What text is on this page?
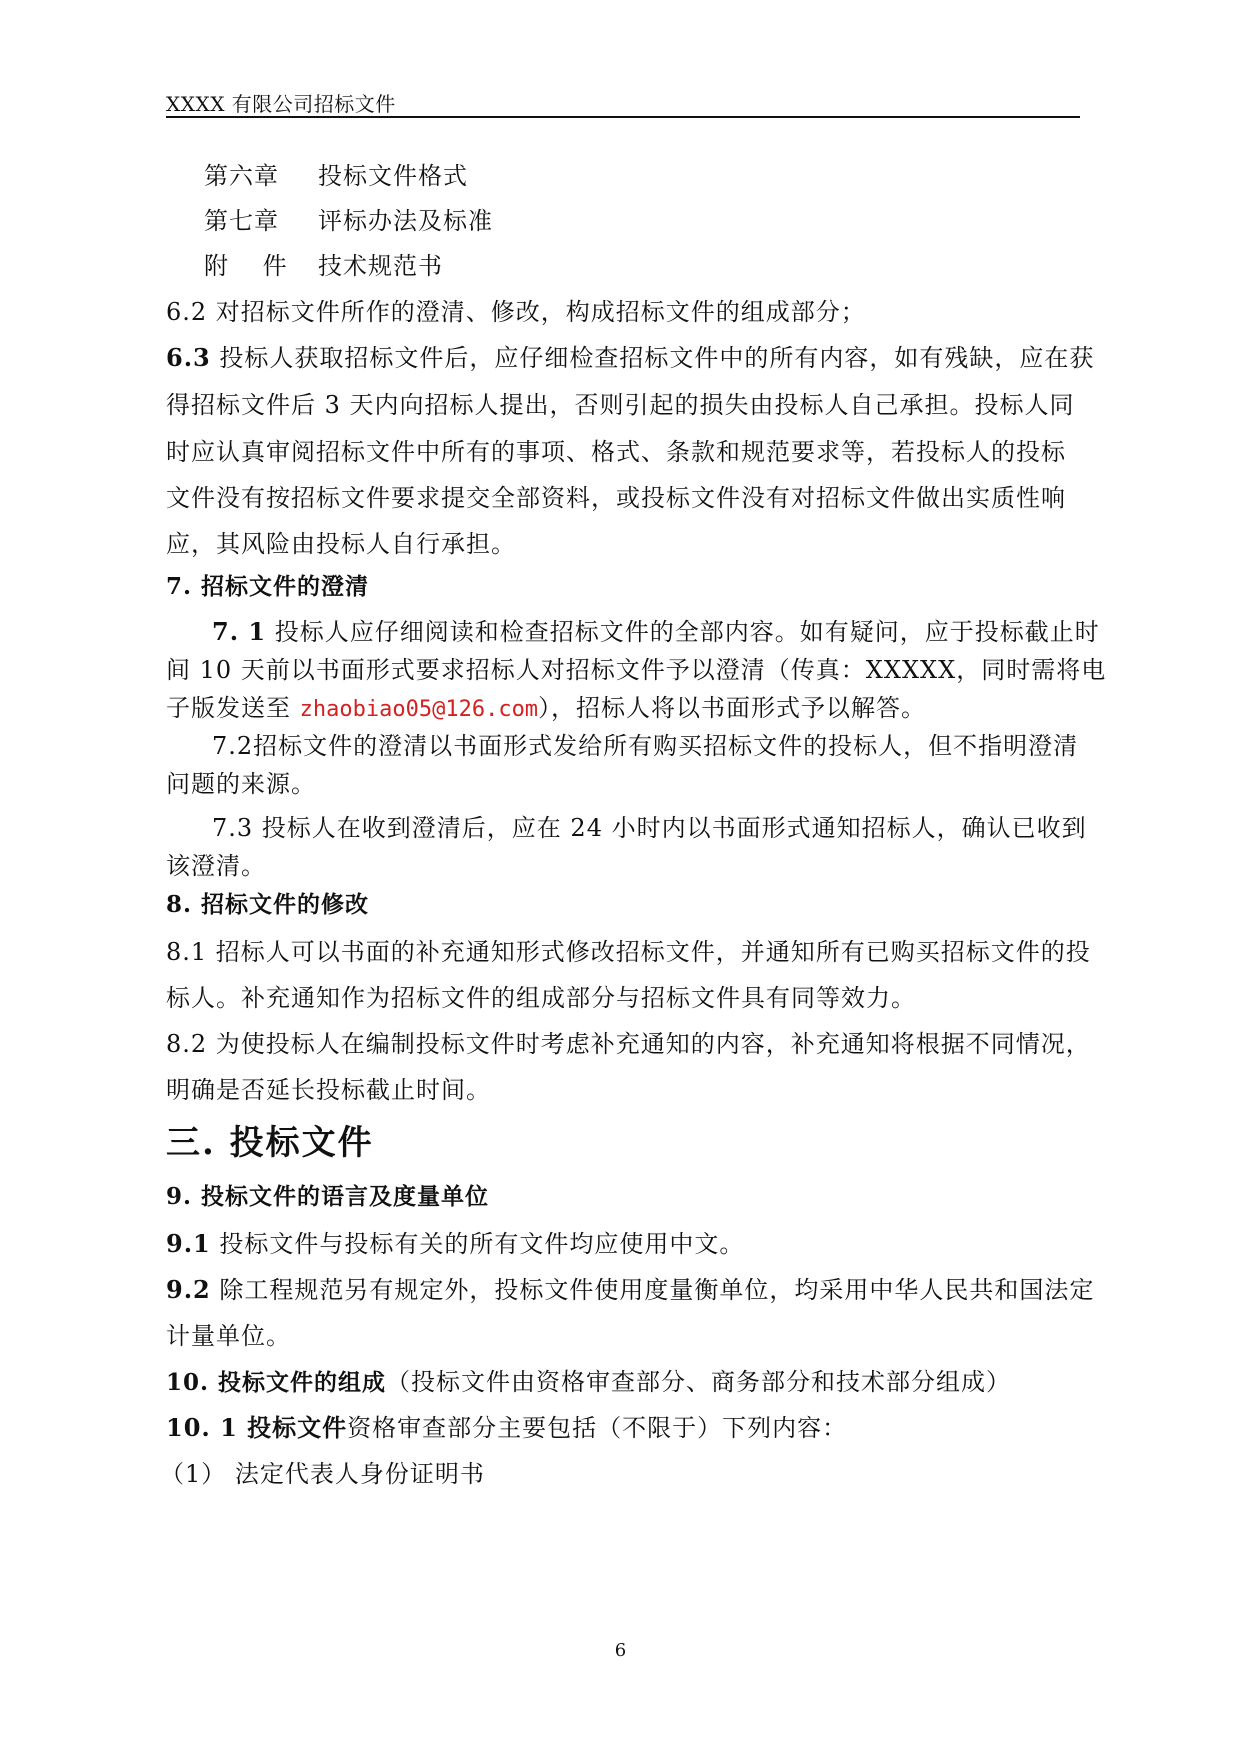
XXXX 有限公司招标文件
第六章 投标文件格式
第七章 评标办法及标准
附　 件 技术规范书
6.2 对招标文件所作的澄清、修改，构成招标文件的组成部分；
6.3 投标人获取招标文件后，应仔细检查招标文件中的所有内容，如有残缺，应在获
得招标文件后 3 天内向招标人提出，否则引起的损失由投标人自己承担。投标人同
时应认真审阅招标文件中所有的事项、格式、条款和规范要求等，若投标人的投标
文件没有按招标文件要求提交全部资料，或投标文件没有对招标文件做出实质性响
应，其风险由投标人自行承担。
7. 招标文件的澄清
7. 1 投标人应仔细阅读和检查招标文件的全部内容。如有疑问，应于投标截止时
间 10 天前以书面形式要求招标人对招标文件予以澄清（传真：XXXXX，同时需将电
子版发送至 zhaobiao05@126.com），招标人将以书面形式予以解答。
7.2招标文件的澄清以书面形式发给所有购买招标文件的投标人，但不指明澄清
问题的来源。
7.3 投标人在收到澄清后，应在 24 小时内以书面形式通知招标人，确认已收到
该澄清。
8. 招标文件的修改
8.1 招标人可以书面的补充通知形式修改招标文件，并通知所有已购买招标文件的投
标人。补充通知作为招标文件的组成部分与招标文件具有同等效力。
8.2 为使投标人在编制投标文件时考虑补充通知的内容，补充通知将根据不同情况，
明确是否延长投标截止时间。
三. 投标文件
9. 投标文件的语言及度量单位
9.1 投标文件与投标有关的所有文件均应使用中文。
9.2 除工程规范另有规定外，投标文件使用度量衡单位，均采用中华人民共和国法定
计量单位。
10. 投标文件的组成（投标文件由资格审查部分、商务部分和技术部分组成）
10. 1 投标文件资格审查部分主要包括（不限于）下列内容：
（1） 法定代表人身份证明书
6
